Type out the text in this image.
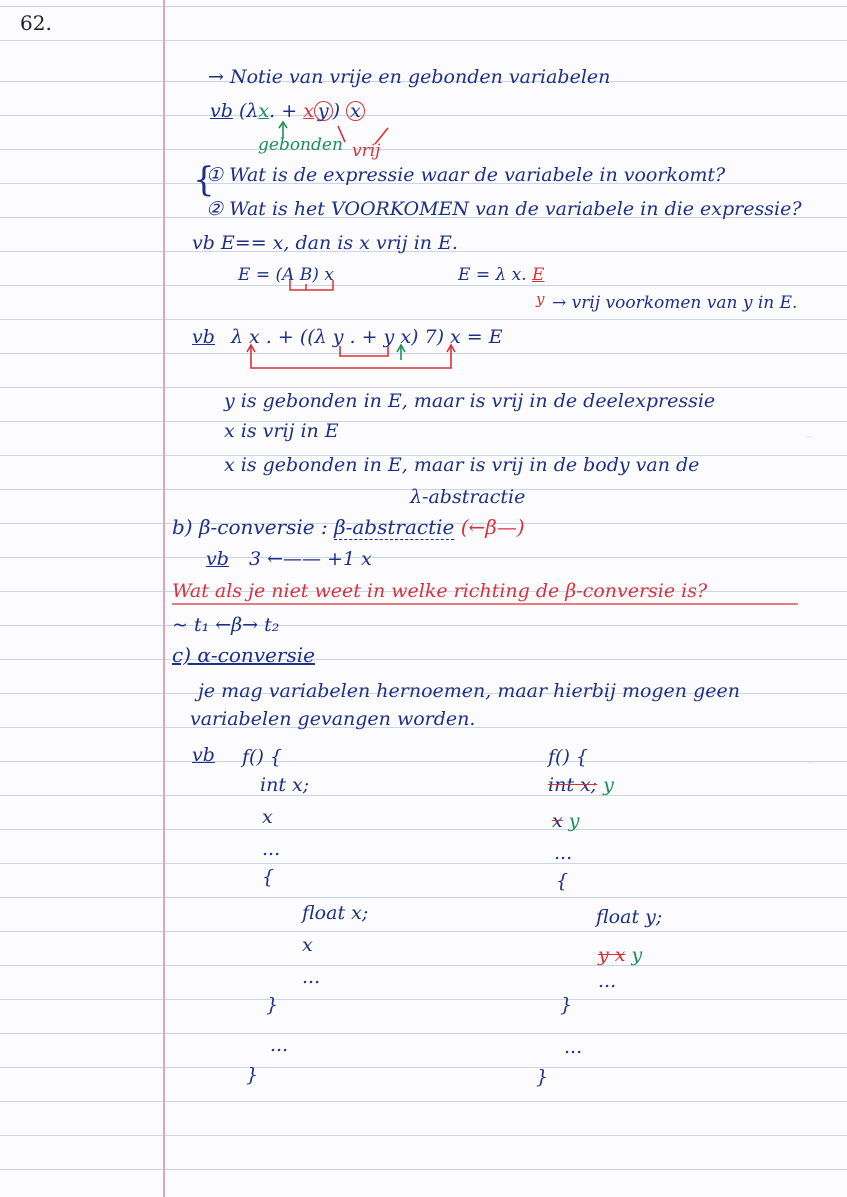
62.
→ Notie van vrije en gebonden variabelen
vb (λx. + x y ) x
gebonden vrij
{
① Wat is de expressie waar de variabele in voorkomt?
② Wat is het VOORKOMEN van de variabele in die expressie?
vb E== x, dan is x vrij in E.
E = (A B) x	E = λ x. E
y → vrij voorkomen van y in E.
vb λ x . + ((λ y . + y x) 7) x = E
y is gebonden in E, maar is vrij in de deelexpressie
x is vrij in E
x is gebonden in E, maar is vrij in de body van de
λ-abstractie
b) β-conversie : β-abstractie (←β—)
vb 3 ←—— +1 x
Wat als je niet weet in welke richting de β-conversie is?
~ t₁ ←β→ t₂
c) α-conversie
je mag variabelen hernoemen, maar hierbij mogen geen
variabelen gevangen worden.
vb f() {
int x;
x
...
{
float x;
x
...
}
...
}
f() {
int x; y
x y
...
{
float y;
y x y
...
}
...
}
